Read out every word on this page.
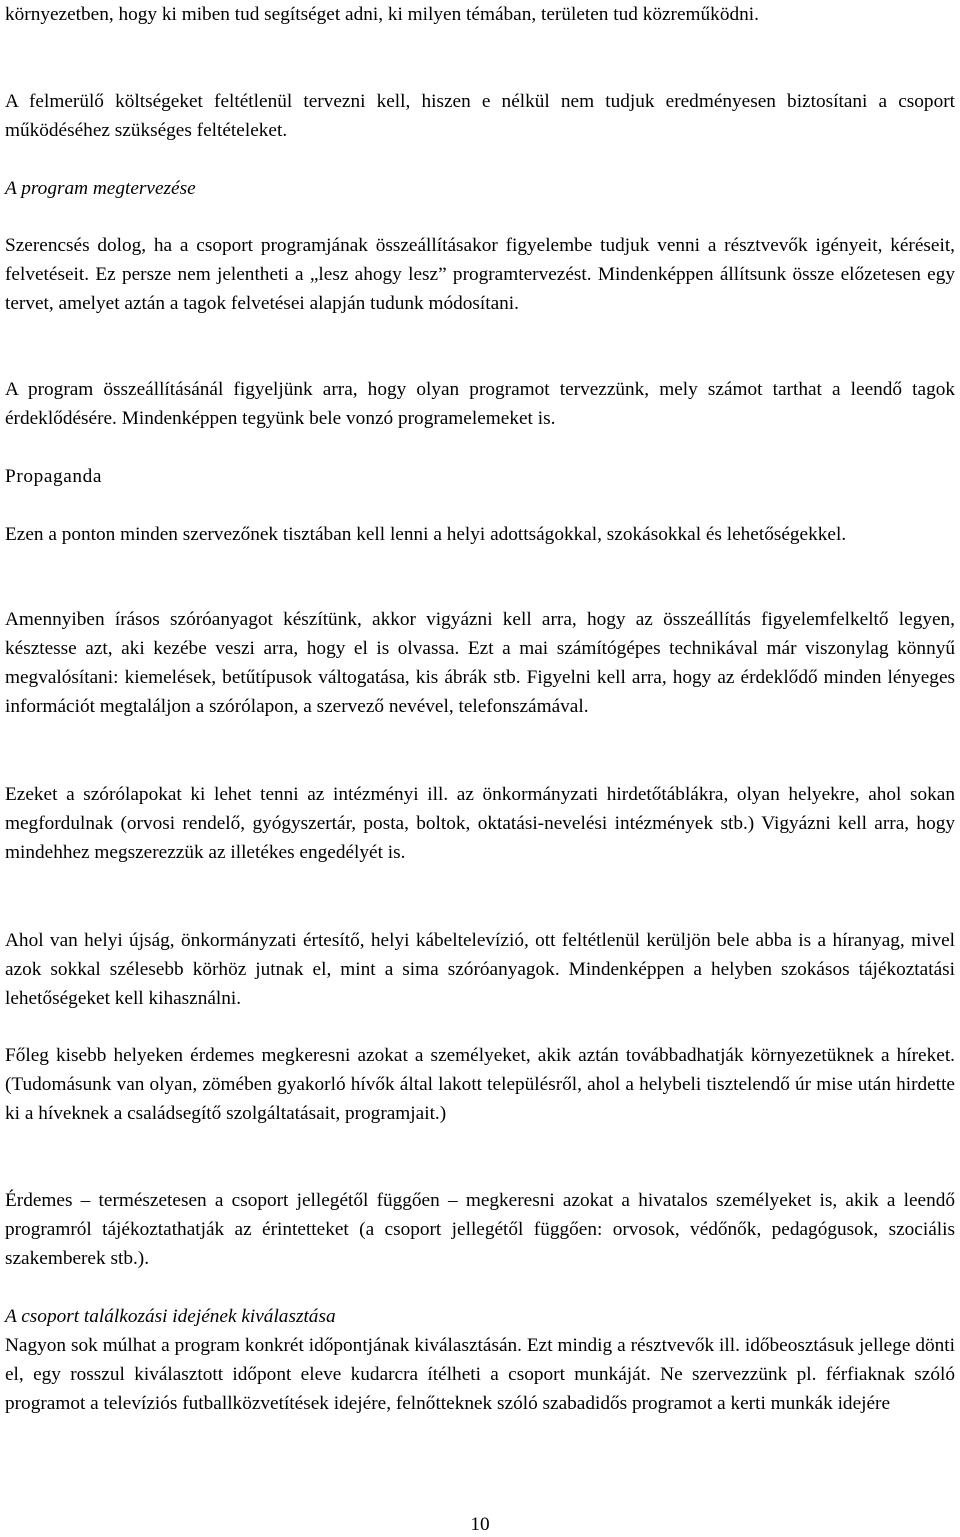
környezetben, hogy ki miben tud segítséget adni, ki milyen témában, területen tud közreműködni.

A felmerülő költségeket feltétlenül tervezni kell, hiszen e nélkül nem tudjuk eredményesen biztosítani a csoport működéséhez szükséges feltételeket.

A program megtervezése

Szerencsés dolog, ha a csoport programjának összeállításakor figyelembe tudjuk venni a résztvevők igényeit, kéréseit, felvetéseit. Ez persze nem jelentheti a „lesz ahogy lesz” programtervezést. Mindenképpen állítsunk össze előzetesen egy tervet, amelyet aztán a tagok felvetései alapján tudunk módosítani.

A program összeállításánál figyeljünk arra, hogy olyan programot tervezzünk, mely számot tarthat a leendő tagok érdeklődésére. Mindenképpen tegyünk bele vonzó programelemeket is.

Propaganda

Ezen a ponton minden szervezőnek tisztában kell lenni a helyi adottságokkal, szokásokkal és lehetőségekkel.

Amennyiben írásos szóróanyagot készítünk, akkor vigyázni kell arra, hogy az összeállítás figyelemfelkeltő legyen, késztesse azt, aki kezébe veszi arra, hogy el is olvassa. Ezt a mai számítógépes technikával már viszonylag könnyű megvalósítani: kiemelések, betűtípusok váltogatása, kis ábrák stb. Figyelni kell arra, hogy az érdeklődő minden lényeges információt megtaláljon a szórólapon, a szervező nevével, telefonszámával.

Ezeket a szórólapokat ki lehet tenni az intézményi ill. az önkormányzati hirdetőtáblákra, olyan helyekre, ahol sokan megfordulnak (orvosi rendelő, gyógyszertár, posta, boltok, oktatási-nevelési intézmények stb.) Vigyázni kell arra, hogy mindehhez megszerezzük az illetékes engedélyét is.

Ahol van helyi újság, önkormányzati értesítő, helyi kábeltelevízió, ott feltétlenül kerüljön bele abba is a híranyag, mivel azok sokkal szélesebb körhöz jutnak el, mint a sima szóróanyagok. Mindenképpen a helyben szokásos tájékoztatási lehetőségeket kell kihasználni.

Főleg kisebb helyeken érdemes megkeresni azokat a személyeket, akik aztán továbbadhatják környezetüknek a híreket. (Tudomásunk van olyan, zömében gyakorló hívők által lakott településről, ahol a helybeli tisztelendő úr mise után hirdette ki a híveknek a családsegítő szolgáltatásait, programjait.)

Érdemes – természetesen a csoport jellegétől függően – megkeresni azokat a hivatalos személyeket is, akik a leendő programról tájékoztathatják az érintetteket (a csoport jellegétől függően: orvosok, védőnők, pedagógusok, szociális szakemberek stb.).

A csoport találkozási idejének kiválasztása

Nagyon sok múlhat a program konkrét időpontjának kiválasztásán. Ezt mindig a résztvevők ill. időbeosztásuk jellege dönti el, egy rosszul kiválasztott időpont eleve kudarcra ítélheti a csoport munkáját. Ne szervezzünk pl. férfiaknak szóló programot a televíziós futballközvetítések idejére, felnőtteknek szóló szabadidős programot a kerti munkák idejére

10
